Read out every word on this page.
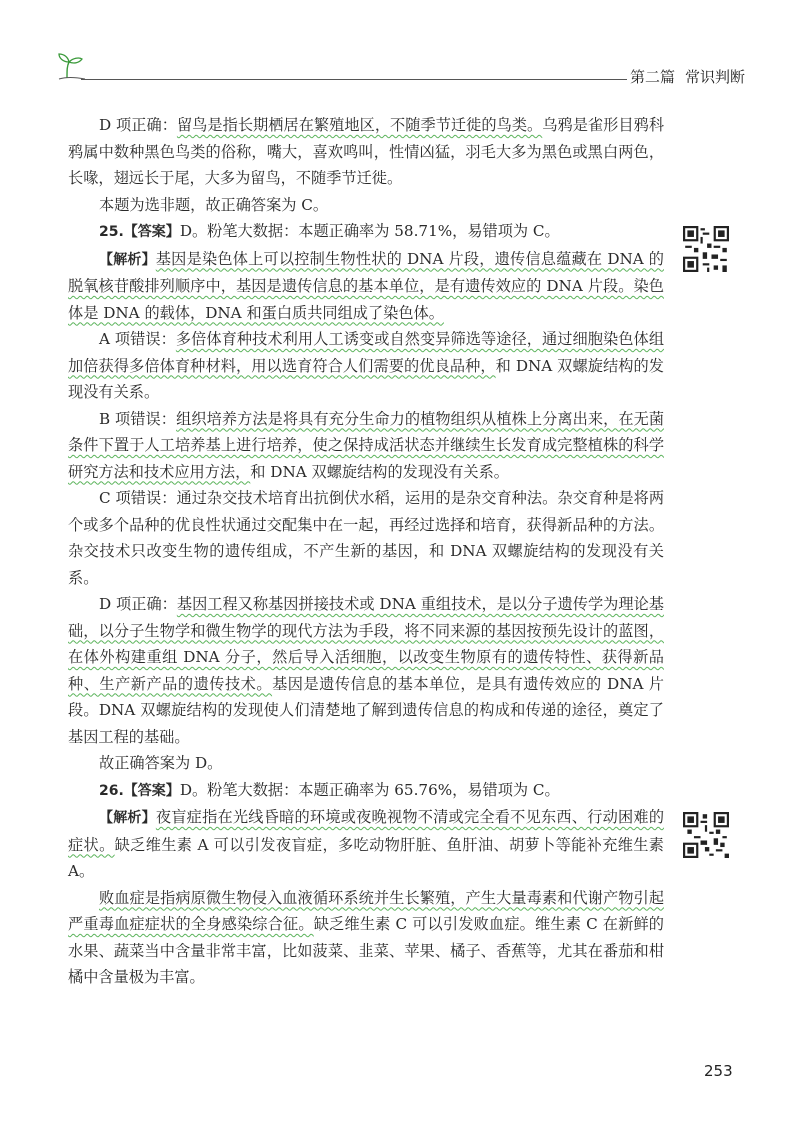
第二篇 常识判断

D 项正确：留鸟是指长期栖居在繁殖地区，不随季节迁徙的鸟类。乌鸦是雀形目鸦科鸦属中数种黑色鸟类的俗称，嘴大，喜欢鸣叫，性情凶猛，羽毛大多为黑色或黑白两色，长喙，翅远长于尾，大多为留鸟，不随季节迁徙。

本题为选非题，故正确答案为 C。

25.【答案】D。粉笔大数据：本题正确率为 58.71%，易错项为 C。

【解析】基因是染色体上可以控制生物性状的 DNA 片段，遗传信息蕴藏在 DNA 的脱氧核苷酸排列顺序中，基因是遗传信息的基本单位，是有遗传效应的 DNA 片段。染色体是 DNA 的载体，DNA 和蛋白质共同组成了染色体。

A 项错误：多倍体育种技术利用人工诱变或自然变异筛选等途径，通过细胞染色体组加倍获得多倍体育种材料，用以选育符合人们需要的优良品种，和 DNA 双螺旋结构的发现没有关系。

B 项错误：组织培养方法是将具有充分生命力的植物组织从植株上分离出来，在无菌条件下置于人工培养基上进行培养，使之保持成活状态并继续生长发育成完整植株的科学研究方法和技术应用方法，和 DNA 双螺旋结构的发现没有关系。

C 项错误：通过杂交技术培育出抗倒伏水稻，运用的是杂交育种法。杂交育种是将两个或多个品种的优良性状通过交配集中在一起，再经过选择和培育，获得新品种的方法。杂交技术只改变生物的遗传组成，不产生新的基因，和 DNA 双螺旋结构的发现没有关系。

D 项正确：基因工程又称基因拼接技术或 DNA 重组技术，是以分子遗传学为理论基础，以分子生物学和微生物学的现代方法为手段，将不同来源的基因按预先设计的蓝图，在体外构建重组 DNA 分子，然后导入活细胞，以改变生物原有的遗传特性、获得新品种、生产新产品的遗传技术。基因是遗传信息的基本单位，是具有遗传效应的 DNA 片段。DNA 双螺旋结构的发现使人们清楚地了解到遗传信息的构成和传递的途径，奠定了基因工程的基础。

故正确答案为 D。

26.【答案】D。粉笔大数据：本题正确率为 65.76%，易错项为 C。

【解析】夜盲症指在光线昏暗的环境或夜晚视物不清或完全看不见东西、行动困难的症状。缺乏维生素 A 可以引发夜盲症，多吃动物肝脏、鱼肝油、胡萝卜等能补充维生素 A。

败血症是指病原微生物侵入血液循环系统并生长繁殖，产生大量毒素和代谢产物引起严重毒血症症状的全身感染综合征。缺乏维生素 C 可以引发败血症。维生素 C 在新鲜的水果、蔬菜当中含量非常丰富，比如菠菜、韭菜、苹果、橘子、香蕉等，尤其在番茄和柑橘中含量极为丰富。

253
